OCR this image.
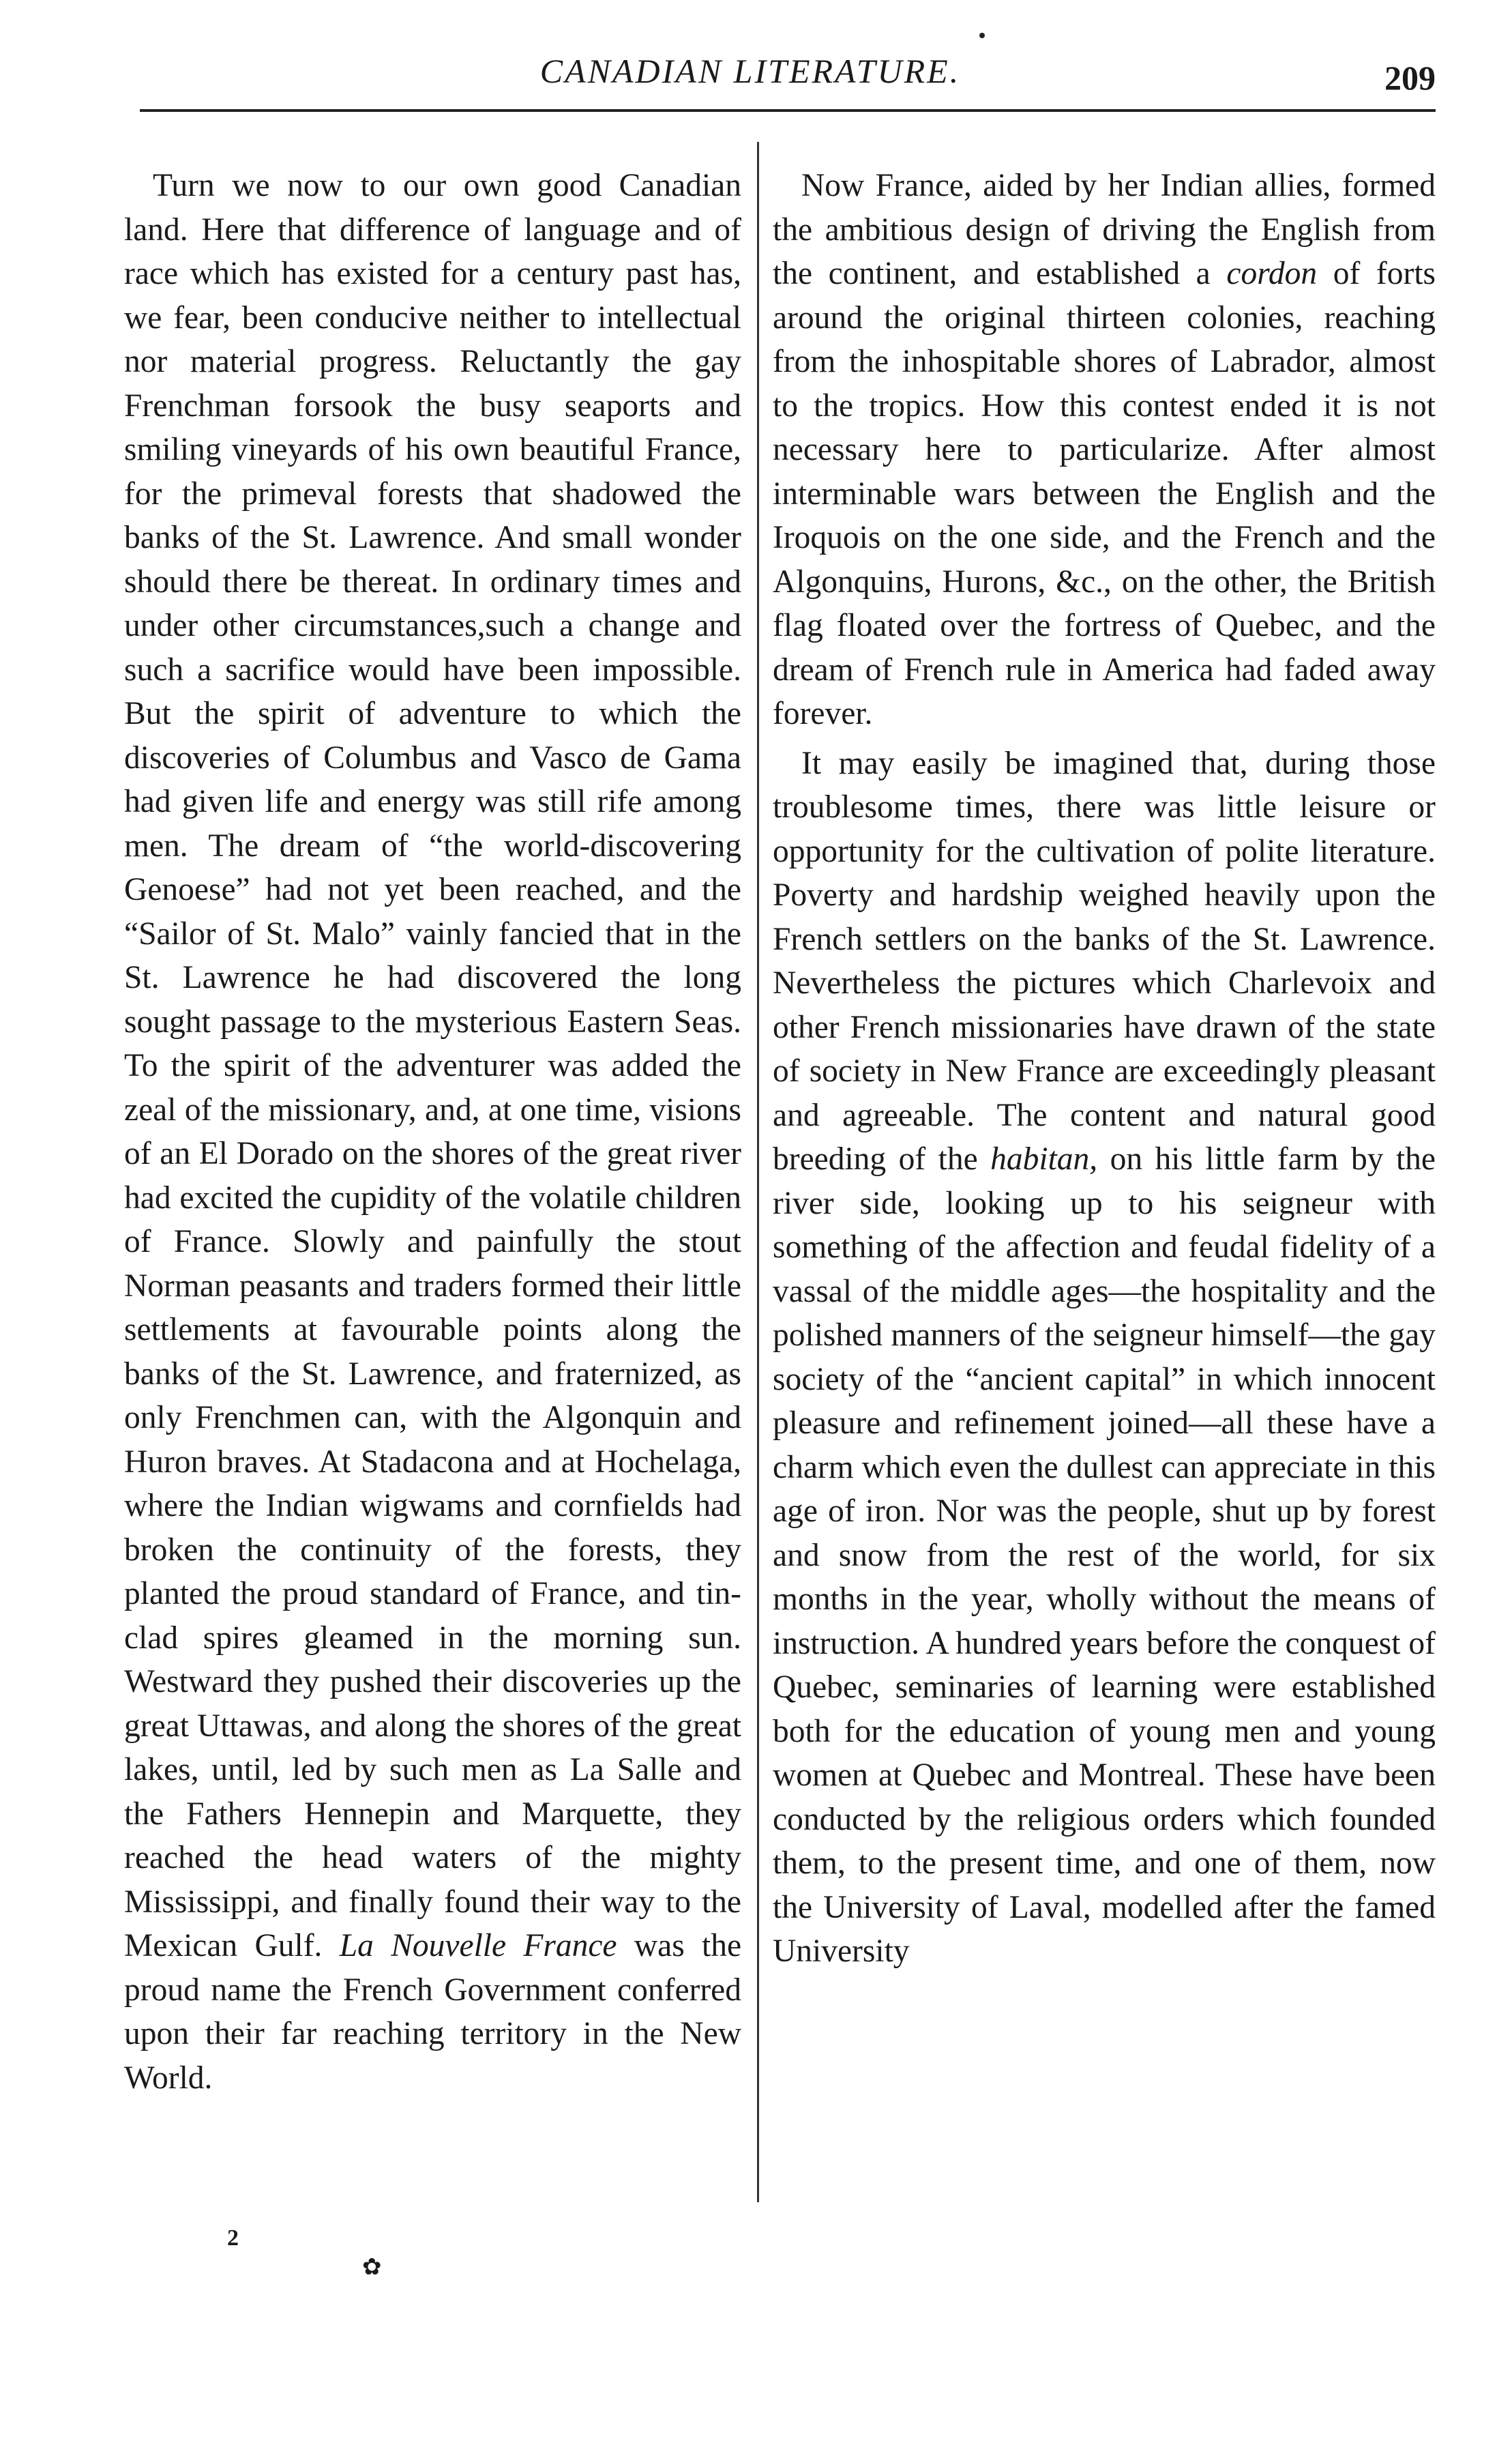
CANADIAN LITERATURE.	209

Turn we now to our own good Canadian land. Here that difference of language and of race which has existed for a century past has, we fear, been conducive neither to intellectual nor material progress. Reluctantly the gay Frenchman forsook the busy seaports and smiling vineyards of his own beautiful France, for the primeval forests that shadowed the banks of the St. Lawrence. And small wonder should there be thereat. In ordinary times and under other circumstances,such a change and such a sacrifice would have been impossible. But the spirit of adventure to which the discoveries of Columbus and Vasco de Gama had given life and energy was still rife among men. The dream of “the world-discovering Genoese” had not yet been reached, and the “Sailor of St. Malo” vainly fancied that in the St. Lawrence he had discovered the long sought passage to the mysterious Eastern Seas. To the spirit of the adventurer was added the zeal of the missionary, and, at one time, visions of an El Dorado on the shores of the great river had excited the cupidity of the volatile children of France. Slowly and painfully the stout Norman peasants and traders formed their little settlements at favourable points along the banks of the St. Lawrence, and fraternized, as only Frenchmen can, with the Algonquin and Huron braves. At Stadacona and at Hochelaga, where the Indian wigwams and cornfields had broken the continuity of the forests, they planted the proud standard of France, and tin-clad spires gleamed in the morning sun. Westward they pushed their discoveries up the great Uttawas, and along the shores of the great lakes, until, led by such men as La Salle and the Fathers Hennepin and Marquette, they reached the head waters of the mighty Mississippi, and finally found their way to the Mexican Gulf. La Nouvelle France was the proud name the French Government conferred upon their far reaching territory in the New World.

Now France, aided by her Indian allies, formed the ambitious design of driving the English from the continent, and established a cordon of forts around the original thirteen colonies, reaching from the inhospitable shores of Labrador, almost to the tropics. How this contest ended it is not necessary here to particularize. After almost interminable wars between the English and the Iroquois on the one side, and the French and the Algonquins, Hurons, &c., on the other, the British flag floated over the fortress of Quebec, and the dream of French rule in America had faded away forever.

It may easily be imagined that, during those troublesome times, there was little leisure or opportunity for the cultivation of polite literature. Poverty and hardship weighed heavily upon the French settlers on the banks of the St. Lawrence. Nevertheless the pictures which Charlevoix and other French missionaries have drawn of the state of society in New France are exceedingly pleasant and agreeable. The content and natural good breeding of the habitan, on his little farm by the river side, looking up to his seigneur with something of the affection and feudal fidelity of a vassal of the middle ages—the hospitality and the polished manners of the seigneur himself—the gay society of the “ancient capital” in which innocent pleasure and refinement joined—all these have a charm which even the dullest can appreciate in this age of iron. Nor was the people, shut up by forest and snow from the rest of the world, for six months in the year, wholly without the means of instruction. A hundred years before the conquest of Quebec, seminaries of learning were established both for the education of young men and young women at Quebec and Montreal. These have been conducted by the religious orders which founded them, to the present time, and one of them, now the University of Laval, modelled after the famed University

2
✿
